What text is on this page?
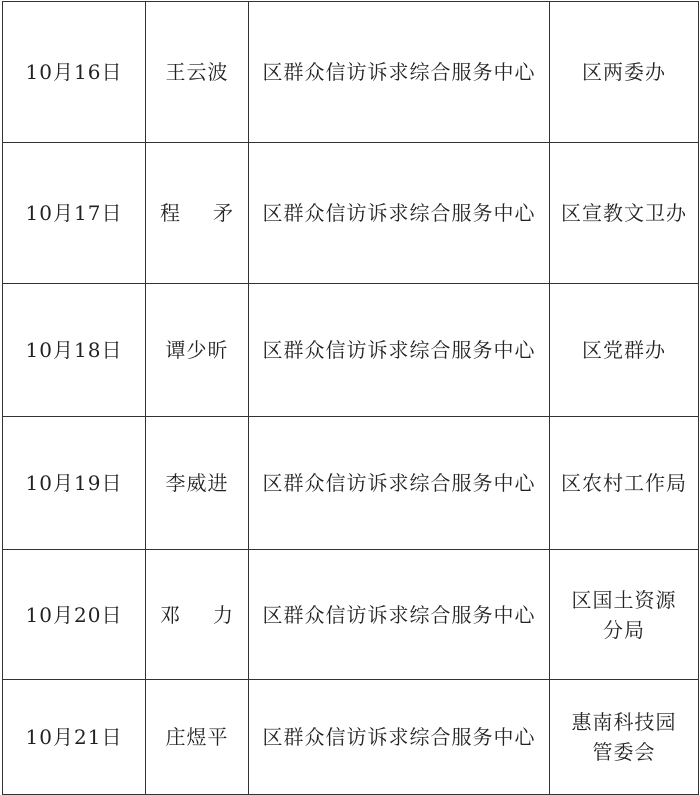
10月16日	王云波	区群众信访诉求综合服务中心	区两委办
10月17日	程 矛	区群众信访诉求综合服务中心	区宣教文卫办
10月18日	谭少昕	区群众信访诉求综合服务中心	区党群办
10月19日	李威进	区群众信访诉求综合服务中心	区农村工作局
10月20日	邓 力	区群众信访诉求综合服务中心	区国土资源分局
10月21日	庄煜平	区群众信访诉求综合服务中心	惠南科技园管委会
